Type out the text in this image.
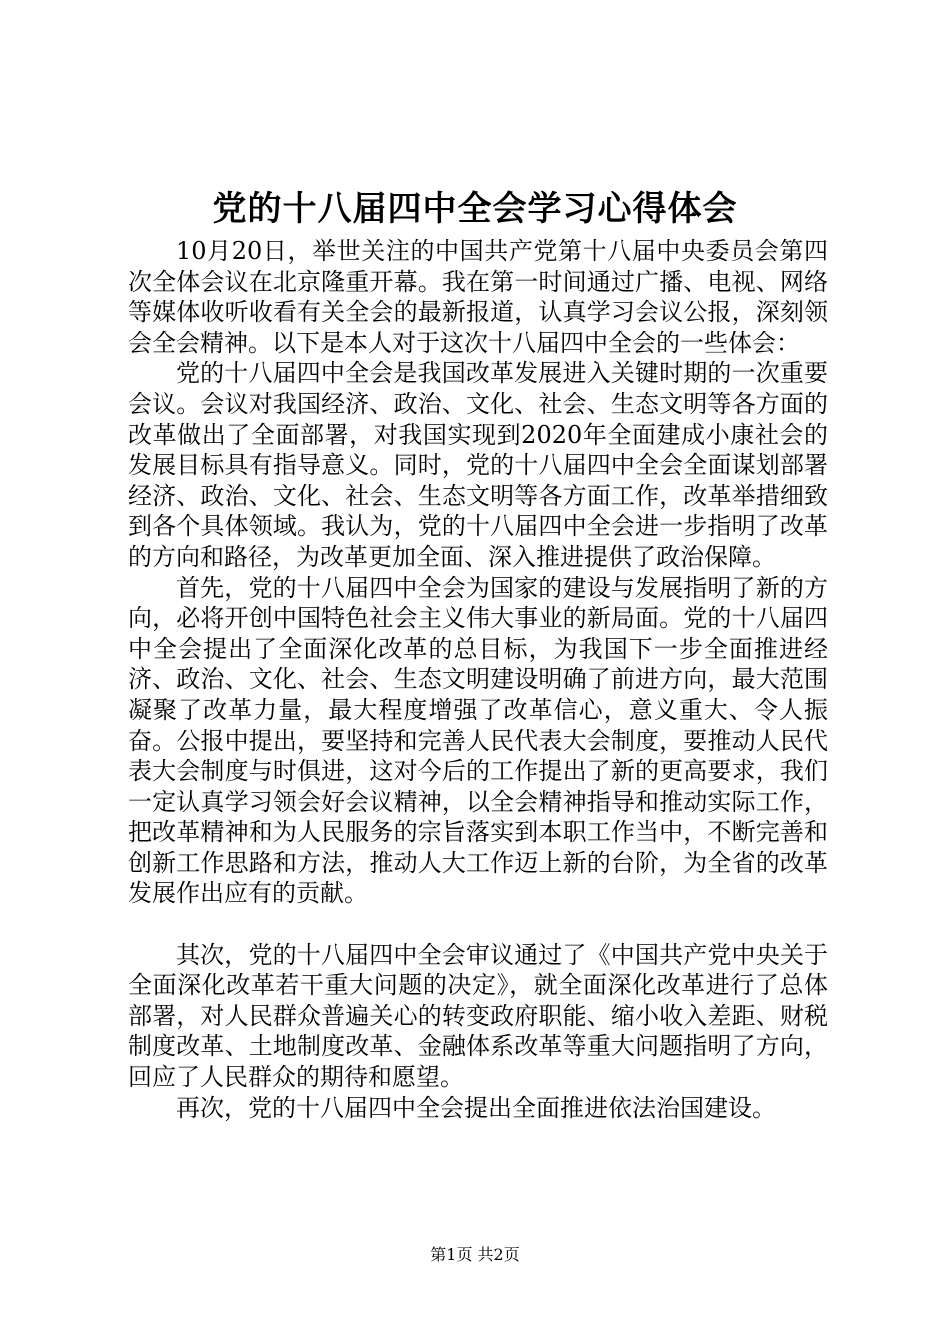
党的十八届四中全会学习心得体会

10月20日，举世关注的中国共产党第十八届中央委员会第四次全体会议在北京隆重开幕。我在第一时间通过广播、电视、网络等媒体收听收看有关全会的最新报道，认真学习会议公报，深刻领会全会精神。以下是本人对于这次十八届四中全会的一些体会：

党的十八届四中全会是我国改革发展进入关键时期的一次重要会议。会议对我国经济、政治、文化、社会、生态文明等各方面的改革做出了全面部署，对我国实现到2020年全面建成小康社会的发展目标具有指导意义。同时，党的十八届四中全会全面谋划部署经济、政治、文化、社会、生态文明等各方面工作，改革举措细致到各个具体领域。我认为，党的十八届四中全会进一步指明了改革的方向和路径，为改革更加全面、深入推进提供了政治保障。

首先，党的十八届四中全会为国家的建设与发展指明了新的方向，必将开创中国特色社会主义伟大事业的新局面。党的十八届四中全会提出了全面深化改革的总目标，为我国下一步全面推进经济、政治、文化、社会、生态文明建设明确了前进方向，最大范围凝聚了改革力量，最大程度增强了改革信心，意义重大、令人振奋。公报中提出，要坚持和完善人民代表大会制度，要推动人民代表大会制度与时俱进，这对今后的工作提出了新的更高要求，我们一定认真学习领会好会议精神，以全会精神指导和推动实际工作，把改革精神和为人民服务的宗旨落实到本职工作当中，不断完善和创新工作思路和方法，推动人大工作迈上新的台阶，为全省的改革发展作出应有的贡献。

其次，党的十八届四中全会审议通过了《中国共产党中央关于全面深化改革若干重大问题的决定》，就全面深化改革进行了总体部署，对人民群众普遍关心的转变政府职能、缩小收入差距、财税制度改革、土地制度改革、金融体系改革等重大问题指明了方向，回应了人民群众的期待和愿望。

再次，党的十八届四中全会提出全面推进依法治国建设。

第1页 共2页
